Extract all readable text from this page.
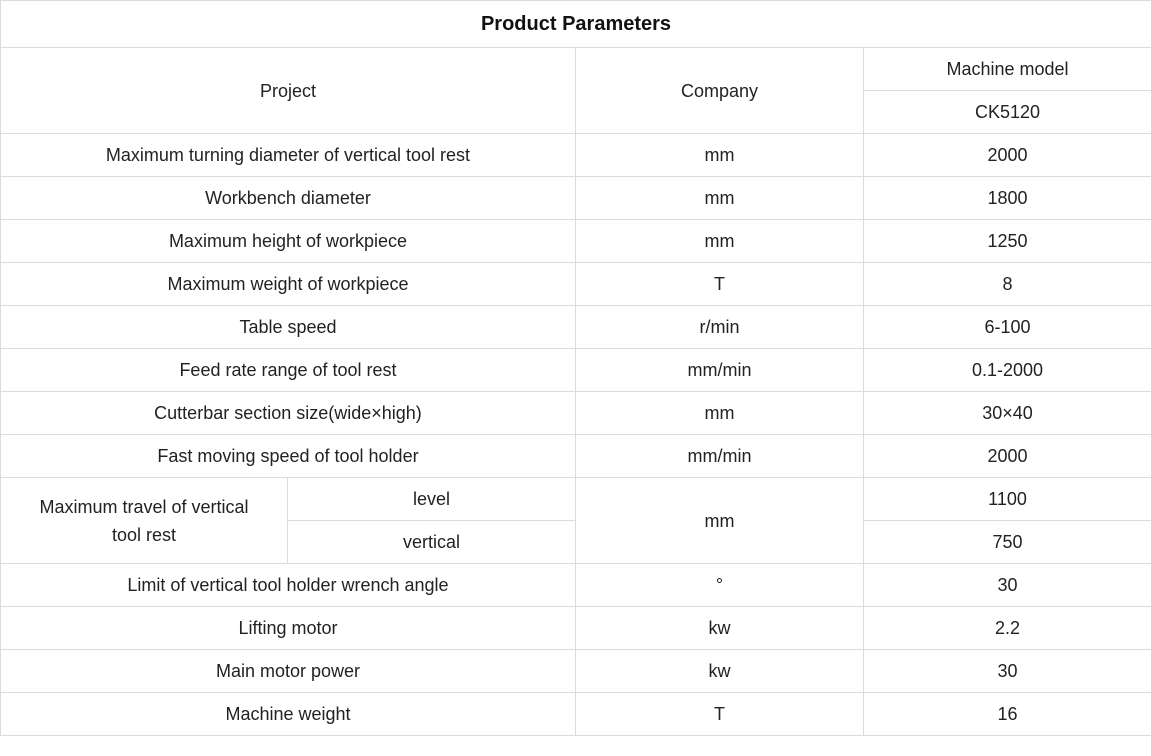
Product Parameters			
Project		Company	Machine model
			CK5120
Maximum turning diameter of vertical tool rest		mm	2000
Workbench diameter		mm	1800
Maximum height of workpiece		mm	1250
Maximum weight of workpiece		T	8
Table speed		r/min	6-100
Feed rate range of tool rest		mm/min	0.1-2000
Cutterbar section size(wide×high)		mm	30×40
Fast moving speed of tool holder		mm/min	2000
Maximum travel of vertical tool rest	level	mm	1100
	vertical		750
Limit of vertical tool holder wrench angle		°	30
Lifting motor		kw	2.2
Main motor power		kw	30
Machine weight		T	16
